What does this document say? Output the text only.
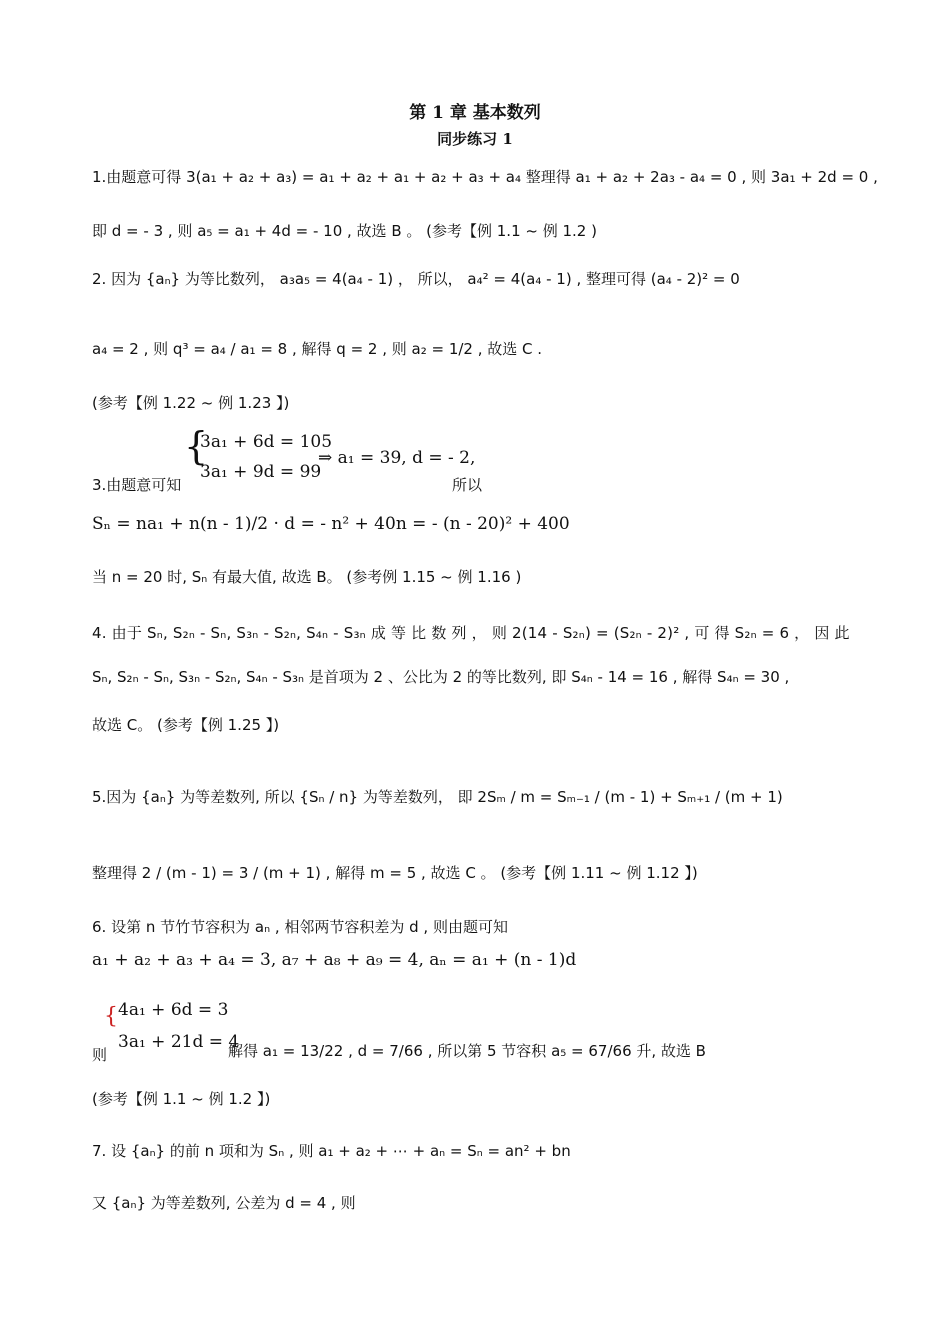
第 1 章 基本数列
同步练习 1
1.由题意可得 3(a₁ + a₂ + a₃) = a₁ + a₂ + a₁ + a₂ + a₃ + a₄ 整理得 a₁ + a₂ + 2a₃ - a₄ = 0 , 则 3a₁ + 2d = 0 ,
即 d = - 3 , 则 a₅ = a₁ + 4d = - 10 , 故选 B 。 (参考【例 1.1 ~ 例 1.2 )
2. 因为 {aₙ} 为等比数列， a₃a₅ = 4(a₄ - 1) ， 所以， a₄² = 4(a₄ - 1) , 整理可得 (a₄ - 2)² = 0
a₄ = 2 , 则 q³ = a₄ / a₁ = 8 , 解得 q = 2 , 则 a₂ = 1/2 , 故选 C .
(参考【例 1.22 ~ 例 1.23 】)
{
3a₁ + 6d = 105
3a₁ + 9d = 99
⇒ a₁ = 39, d = - 2,
3.由题意可知	所以
Sₙ = na₁ + n(n - 1)/2 · d = - n² + 40n = - (n - 20)² + 400
当 n = 20 时, Sₙ 有最大值, 故选 B。 (参考例 1.15 ~ 例 1.16 )
4. 由于 Sₙ, S₂ₙ - Sₙ, S₃ₙ - S₂ₙ, S₄ₙ - S₃ₙ 成 等 比 数 列 ， 则 2(14 - S₂ₙ) = (S₂ₙ - 2)² , 可 得 S₂ₙ = 6 ， 因 此
Sₙ, S₂ₙ - Sₙ, S₃ₙ - S₂ₙ, S₄ₙ - S₃ₙ 是首项为 2 、公比为 2 的等比数列, 即 S₄ₙ - 14 = 16 , 解得 S₄ₙ = 30 ,
故选 C。 (参考【例 1.25 】)
5.因为 {aₙ} 为等差数列, 所以 {Sₙ / n} 为等差数列， 即 2Sₘ / m = Sₘ₋₁ / (m - 1) + Sₘ₊₁ / (m + 1)
整理得 2 / (m - 1) = 3 / (m + 1) , 解得 m = 5 , 故选 C 。 (参考【例 1.11 ~ 例 1.12 】)
6. 设第 n 节竹节容积为 aₙ , 相邻两节容积差为 d , 则由题可知
a₁ + a₂ + a₃ + a₄ = 3, a₇ + a₈ + a₉ = 4, aₙ = a₁ + (n - 1)d
{ 4a₁ + 6d = 3
3a₁ + 21d = 4
则	解得 a₁ = 13/22 , d = 7/66 , 所以第 5 节容积 a₅ = 67/66 升, 故选 B
(参考【例 1.1 ~ 例 1.2 】)
7. 设 {aₙ} 的前 n 项和为 Sₙ , 则 a₁ + a₂ + ⋯ + aₙ = Sₙ = an² + bn
又 {aₙ} 为等差数列, 公差为 d = 4 , 则
